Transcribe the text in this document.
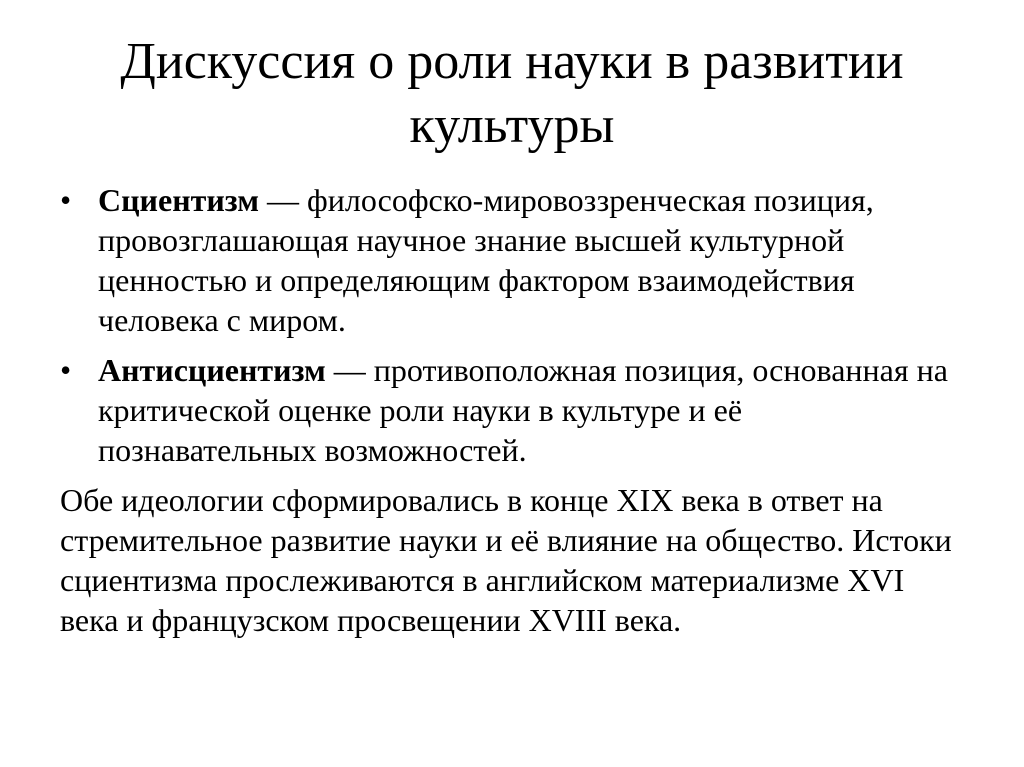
Дискуссия о роли науки в развитии культуры
• Сциентизм — философско-мировоззренческая позиция, провозглашающая научное знание высшей культурной ценностью и определяющим фактором взаимодействия человека с миром.
• Антисциентизм — противоположная позиция, основанная на критической оценке роли науки в культуре и её познавательных возможностей.

Обе идеологии сформировались в конце XIX века в ответ на стремительное развитие науки и её влияние на общество. Истоки сциентизма прослеживаются в английском материализме XVI века и французском просвещении XVIII века.
